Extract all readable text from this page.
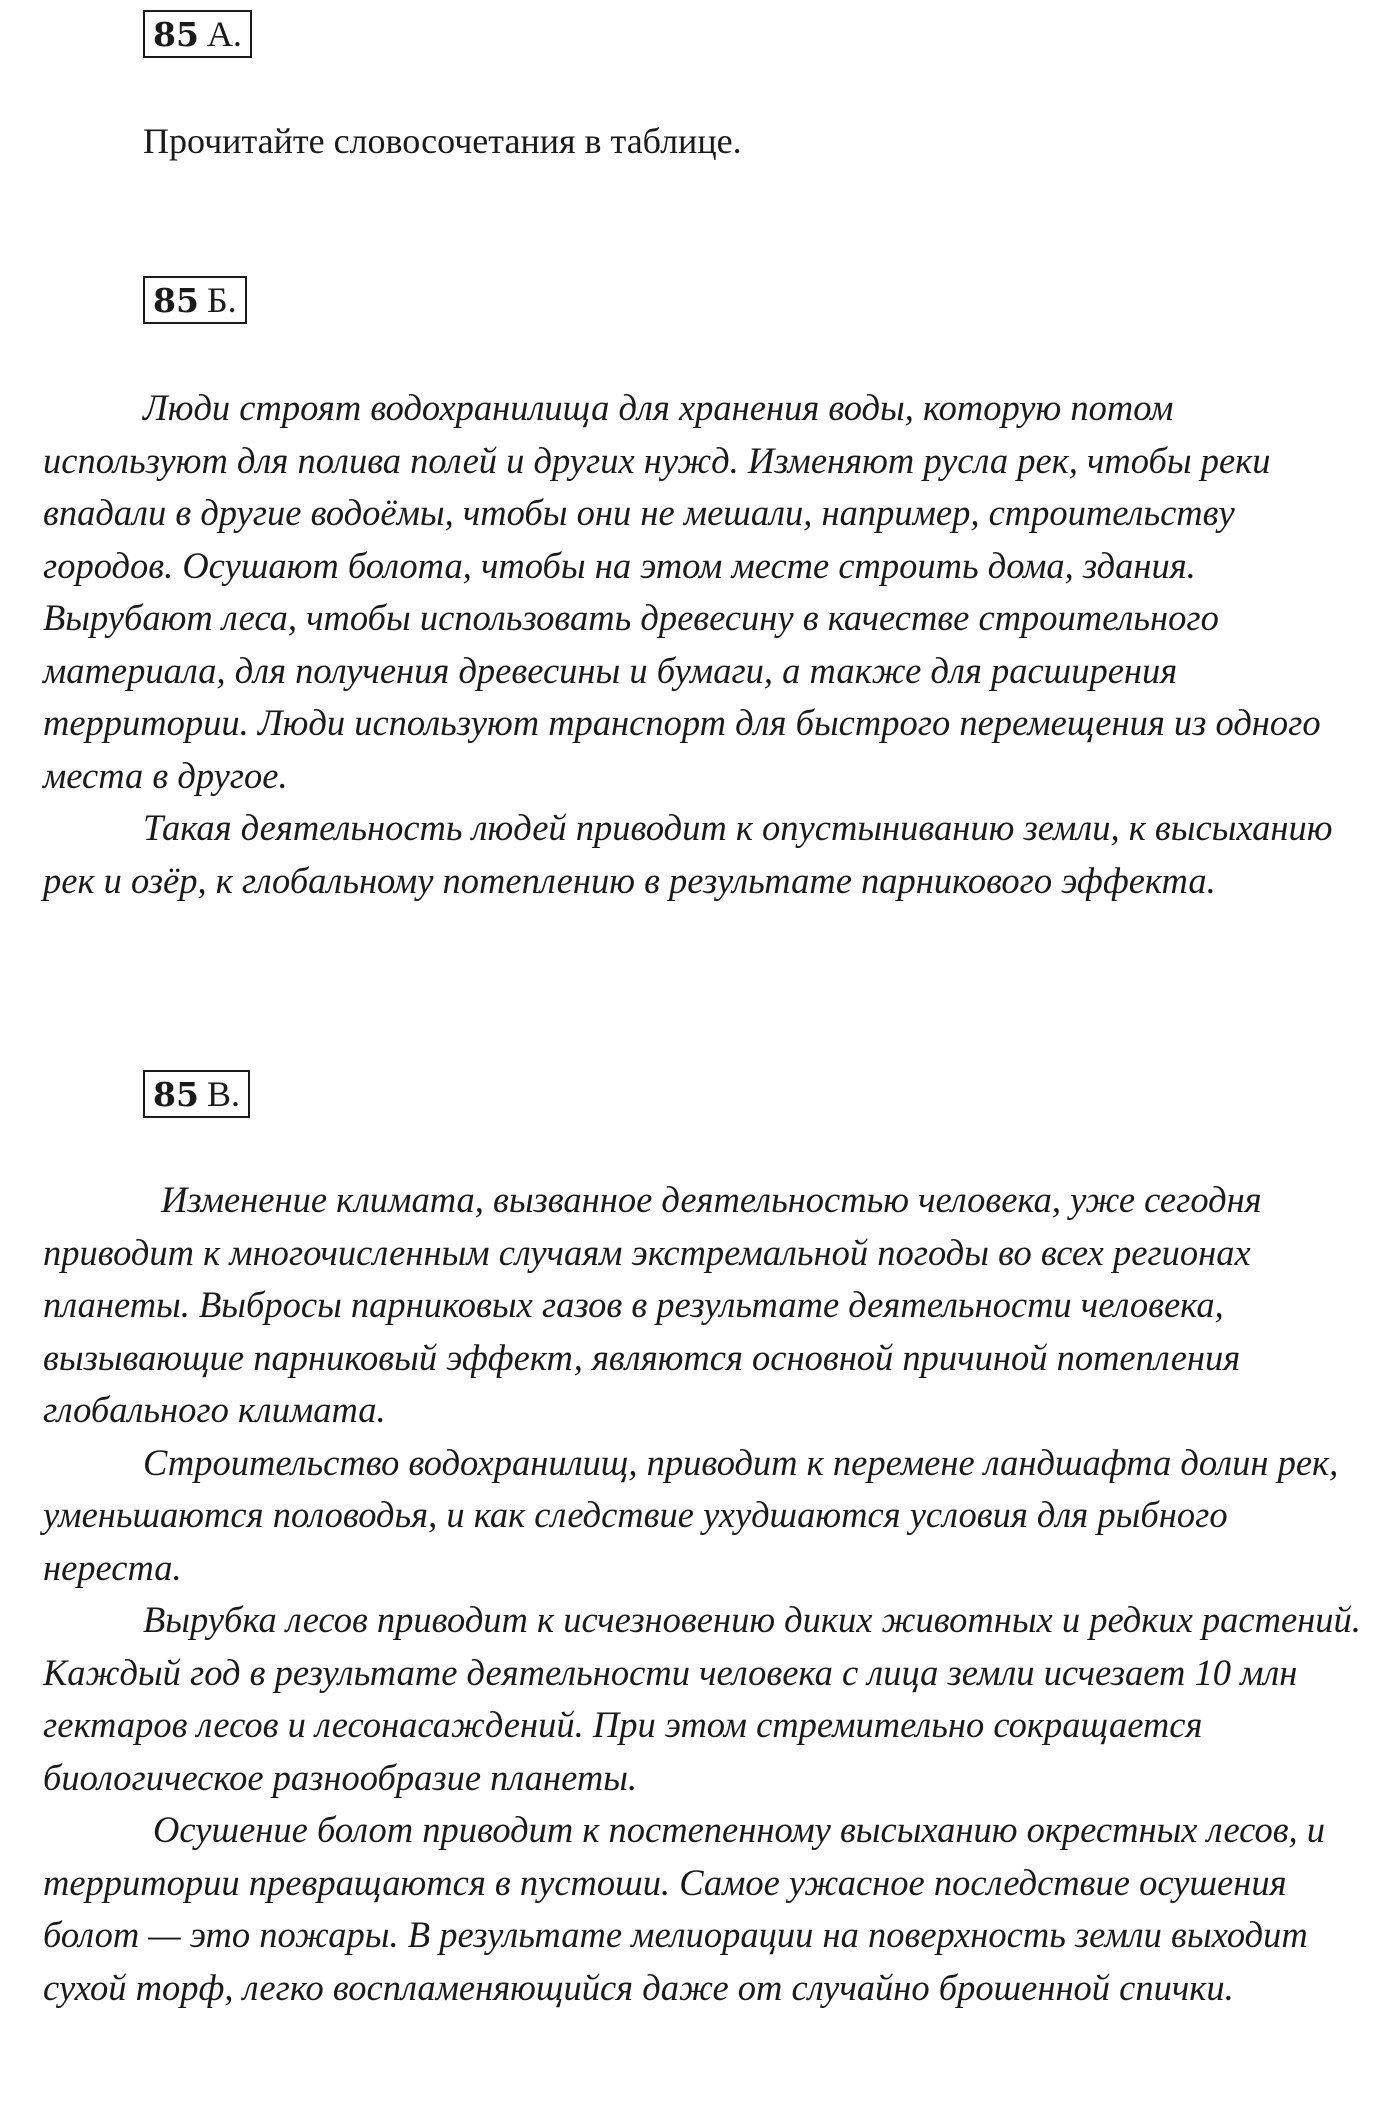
85 А.
Прочитайте словосочетания в таблице.
85 Б.

Люди строят водохранилища для хранения воды, которую потом используют для полива полей и других нужд. Изменяют русла рек, чтобы реки впадали в другие водоёмы, чтобы они не мешали, например, строительству городов. Осушают болота, чтобы на этом месте строить дома, здания. Вырубают леса, чтобы использовать древесину в качестве строительного материала, для получения древесины и бумаги, а также для расширения территории. Люди используют транспорт для быстрого перемещения из одного места в другое.

Такая деятельность людей приводит к опустыниванию земли, к высыханию рек и озёр, к глобальному потеплению в результате парникового эффекта.

85 В.

Изменение климата, вызванное деятельностью человека, уже сегодня приводит к многочисленным случаям экстремальной погоды во всех регионах планеты. Выбросы парниковых газов в результате деятельности человека, вызывающие парниковый эффект, являются основной причиной потепления глобального климата.

Строительство водохранилищ, приводит к перемене ландшафта долин рек, уменьшаются половодья, и как следствие ухудшаются условия для рыбного нереста.

Вырубка лесов приводит к исчезновению диких животных и редких растений. Каждый год в результате деятельности человека с лица земли исчезает 10 млн гектаров лесов и лесонасаждений. При этом стремительно сокращается биологическое разнообразие планеты.

Осушение болот приводит к постепенному высыханию окрестных лесов, и территории превращаются в пустоши. Самое ужасное последствие осушения болот — это пожары. В результате мелиорации на поверхность земли выходит сухой торф, легко воспламеняющийся даже от случайно брошенной спички.
